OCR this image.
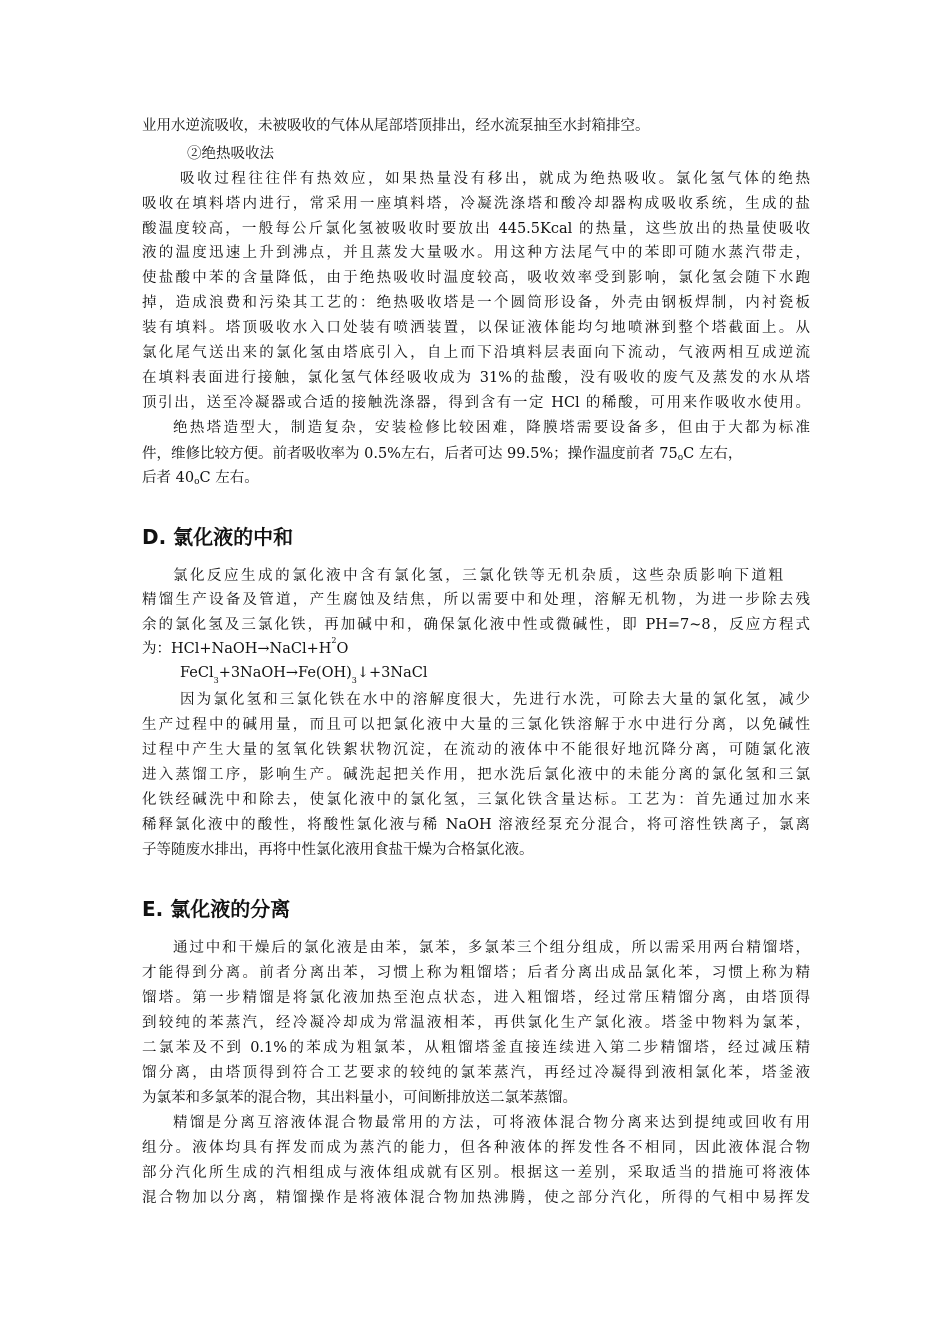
业用水逆流吸收，未被吸收的气体从尾部塔顶排出，经水流泵抽至水封箱排空。

②绝热吸收法

吸收过程往往伴有热效应，如果热量没有移出，就成为绝热吸收。氯化氢气体的绝热

吸收在填料塔内进行，常采用一座填料塔，冷凝洗涤塔和酸冷却器构成吸收系统，生成的盐

酸温度较高，一般每公斤氯化氢被吸收时要放出 445.5Kcal 的热量，这些放出的热量使吸收

液的温度迅速上升到沸点，并且蒸发大量吸水。用这种方法尾气中的苯即可随水蒸汽带走，

使盐酸中苯的含量降低，由于绝热吸收时温度较高，吸收效率受到影响，氯化氢会随下水跑

掉，造成浪费和污染其工艺的：绝热吸收塔是一个圆筒形设备，外壳由钢板焊制，内衬瓷板

装有填料。塔顶吸收水入口处装有喷洒装置，以保证液体能均匀地喷淋到整个塔截面上。从

氯化尾气送出来的氯化氢由塔底引入，自上而下沿填料层表面向下流动，气液两相互成逆流

在填料表面进行接触，氯化氢气体经吸收成为 31%的盐酸，没有吸收的废气及蒸发的水从塔

顶引出，送至冷凝器或合适的接触洗涤器，得到含有一定 HCl 的稀酸，可用来作吸收水使用。

绝热塔造型大，制造复杂，安装检修比较困难，降膜塔需要设备多，但由于大都为标准

件，维修比较方便。前者吸收率为 0.5%左右，后者可达 99.5%；操作温度前者 75oC 左右，

后者 40oC 左右。

D. 氯化液的中和

氯化反应生成的氯化液中含有氯化氢，三氯化铁等无机杂质，这些杂质影响下道粗

精馏生产设备及管道，产生腐蚀及结焦，所以需要中和处理，溶解无机物，为进一步除去残

余的氯化氢及三氯化铁，再加碱中和，确保氯化液中性或微碱性，即 PH=7~8，反应方程式

为：$HCl+NaOH\to NaCl+H^2O$

$FeCl_3+3NaOH\to Fe(OH)_3↓+3NaCl$

因为氯化氢和三氯化铁在水中的溶解度很大，先进行水洗，可除去大量的氯化氢，减少

生产过程中的碱用量，而且可以把氯化液中大量的三氯化铁溶解于水中进行分离，以免碱性

过程中产生大量的氢氧化铁絮状物沉淀，在流动的液体中不能很好地沉降分离，可随氯化液

进入蒸馏工序，影响生产。碱洗起把关作用，把水洗后氯化液中的未能分离的氯化氢和三氯

化铁经碱洗中和除去，使氯化液中的氯化氢，三氯化铁含量达标。工艺为：首先通过加水来

稀释氯化液中的酸性，将酸性氯化液与稀 NaOH 溶液经泵充分混合，将可溶性铁离子，氯离

子等随废水排出，再将中性氯化液用食盐干燥为合格氯化液。

E. 氯化液的分离

通过中和干燥后的氯化液是由苯，氯苯，多氯苯三个组分组成，所以需采用两台精馏塔，

才能得到分离。前者分离出苯，习惯上称为粗馏塔；后者分离出成品氯化苯，习惯上称为精

馏塔。第一步精馏是将氯化液加热至泡点状态，进入粗馏塔，经过常压精馏分离，由塔顶得

到较纯的苯蒸汽，经冷凝冷却成为常温液相苯，再供氯化生产氯化液。塔釜中物料为氯苯，

二氯苯及不到 0.1%的苯成为粗氯苯，从粗馏塔釜直接连续进入第二步精馏塔，经过减压精

馏分离，由塔顶得到符合工艺要求的较纯的氯苯蒸汽，再经过冷凝得到液相氯化苯，塔釜液

为氯苯和多氯苯的混合物，其出料量小，可间断排放送二氯苯蒸馏。

精馏是分离互溶液体混合物最常用的方法，可将液体混合物分离来达到提纯或回收有用

组分。液体均具有挥发而成为蒸汽的能力，但各种液体的挥发性各不相同，因此液体混合物

部分汽化所生成的汽相组成与液体组成就有区别。根据这一差别，采取适当的措施可将液体

混合物加以分离，精馏操作是将液体混合物加热沸腾，使之部分汽化，所得的气相中易挥发
